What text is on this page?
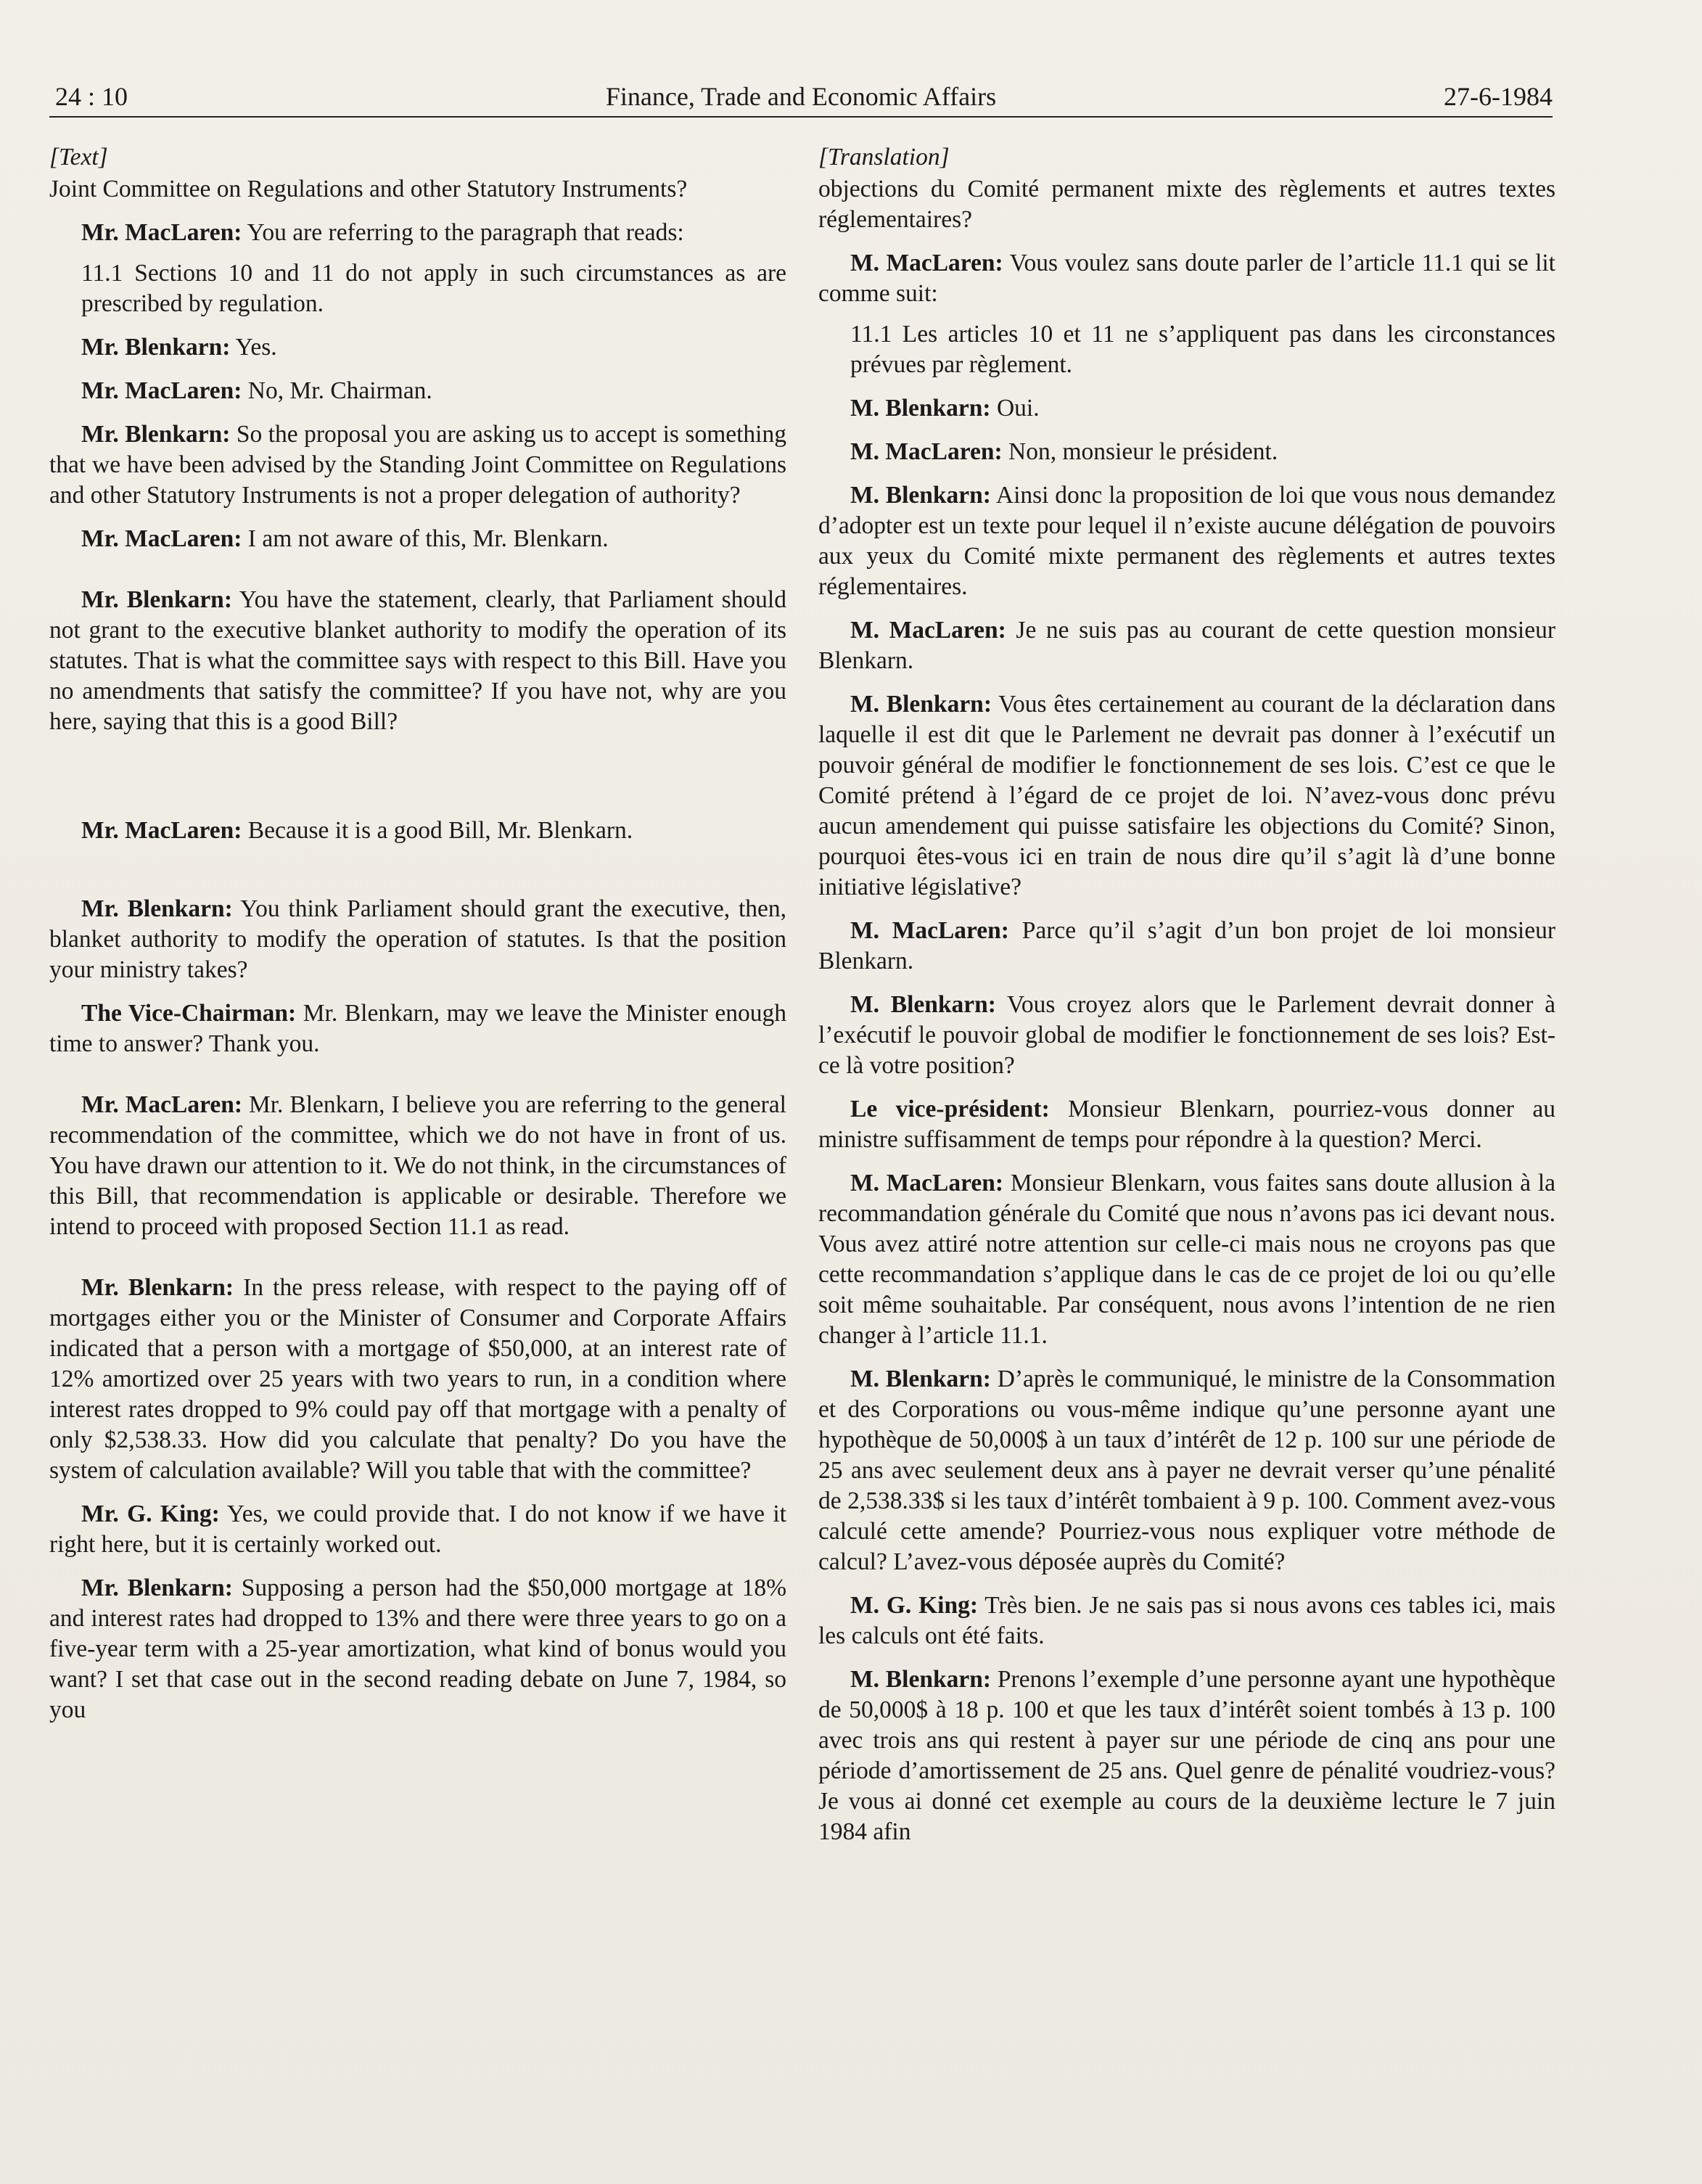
24 : 10	Finance, Trade and Economic Affairs	27-6-1984
[Text]

Joint Committee on Regulations and other Statutory Instruments?

Mr. MacLaren: You are referring to the paragraph that reads:

11.1 Sections 10 and 11 do not apply in such circumstances as are prescribed by regulation.

Mr. Blenkarn: Yes.

Mr. MacLaren: No, Mr. Chairman.

Mr. Blenkarn: So the proposal you are asking us to accept is something that we have been advised by the Standing Joint Committee on Regulations and other Statutory Instruments is not a proper delegation of authority?

Mr. MacLaren: I am not aware of this, Mr. Blenkarn.

Mr. Blenkarn: You have the statement, clearly, that Parliament should not grant to the executive blanket authority to modify the operation of its statutes. That is what the committee says with respect to this Bill. Have you no amendments that satisfy the committee? If you have not, why are you here, saying that this is a good Bill?

Mr. MacLaren: Because it is a good Bill, Mr. Blenkarn.

Mr. Blenkarn: You think Parliament should grant the executive, then, blanket authority to modify the operation of statutes. Is that the position your ministry takes?

The Vice-Chairman: Mr. Blenkarn, may we leave the Minister enough time to answer? Thank you.

Mr. MacLaren: Mr. Blenkarn, I believe you are referring to the general recommendation of the committee, which we do not have in front of us. You have drawn our attention to it. We do not think, in the circumstances of this Bill, that recommendation is applicable or desirable. Therefore we intend to proceed with proposed Section 11.1 as read.

Mr. Blenkarn: In the press release, with respect to the paying off of mortgages either you or the Minister of Consumer and Corporate Affairs indicated that a person with a mortgage of $50,000, at an interest rate of 12% amortized over 25 years with two years to run, in a condition where interest rates dropped to 9% could pay off that mortgage with a penalty of only $2,538.33. How did you calculate that penalty? Do you have the system of calculation available? Will you table that with the committee?

Mr. G. King: Yes, we could provide that. I do not know if we have it right here, but it is certainly worked out.

Mr. Blenkarn: Supposing a person had the $50,000 mortgage at 18% and interest rates had dropped to 13% and there were three years to go on a five-year term with a 25-year amortization, what kind of bonus would you want? I set that case out in the second reading debate on June 7, 1984, so you

[Translation]

objections du Comité permanent mixte des règlements et autres textes réglementaires?

M. MacLaren: Vous voulez sans doute parler de l’article 11.1 qui se lit comme suit:

11.1 Les articles 10 et 11 ne s’appliquent pas dans les circonstances prévues par règlement.

M. Blenkarn: Oui.

M. MacLaren: Non, monsieur le président.

M. Blenkarn: Ainsi donc la proposition de loi que vous nous demandez d’adopter est un texte pour lequel il n’existe aucune délégation de pouvoirs aux yeux du Comité mixte permanent des règlements et autres textes réglementaires.

M. MacLaren: Je ne suis pas au courant de cette question monsieur Blenkarn.

M. Blenkarn: Vous êtes certainement au courant de la déclaration dans laquelle il est dit que le Parlement ne devrait pas donner à l’exécutif un pouvoir général de modifier le fonctionnement de ses lois. C’est ce que le Comité prétend à l’égard de ce projet de loi. N’avez-vous donc prévu aucun amendement qui puisse satisfaire les objections du Comité? Sinon, pourquoi êtes-vous ici en train de nous dire qu’il s’agit là d’une bonne initiative législative?

M. MacLaren: Parce qu’il s’agit d’un bon projet de loi monsieur Blenkarn.

M. Blenkarn: Vous croyez alors que le Parlement devrait donner à l’exécutif le pouvoir global de modifier le fonctionnement de ses lois? Est-ce là votre position?

Le vice-président: Monsieur Blenkarn, pourriez-vous donner au ministre suffisamment de temps pour répondre à la question? Merci.

M. MacLaren: Monsieur Blenkarn, vous faites sans doute allusion à la recommandation générale du Comité que nous n’avons pas ici devant nous. Vous avez attiré notre attention sur celle-ci mais nous ne croyons pas que cette recommandation s’applique dans le cas de ce projet de loi ou qu’elle soit même souhaitable. Par conséquent, nous avons l’intention de ne rien changer à l’article 11.1.

M. Blenkarn: D’après le communiqué, le ministre de la Consommation et des Corporations ou vous-même indique qu’une personne ayant une hypothèque de 50,000$ à un taux d’intérêt de 12 p. 100 sur une période de 25 ans avec seulement deux ans à payer ne devrait verser qu’une pénalité de 2,538.33$ si les taux d’intérêt tombaient à 9 p. 100. Comment avez-vous calculé cette amende? Pourriez-vous nous expliquer votre méthode de calcul? L’avez-vous déposée auprès du Comité?

M. G. King: Très bien. Je ne sais pas si nous avons ces tables ici, mais les calculs ont été faits.

M. Blenkarn: Prenons l’exemple d’une personne ayant une hypothèque de 50,000$ à 18 p. 100 et que les taux d’intérêt soient tombés à 13 p. 100 avec trois ans qui restent à payer sur une période de cinq ans pour une période d’amortissement de 25 ans. Quel genre de pénalité voudriez-vous? Je vous ai donné cet exemple au cours de la deuxième lecture le 7 juin 1984 afin
